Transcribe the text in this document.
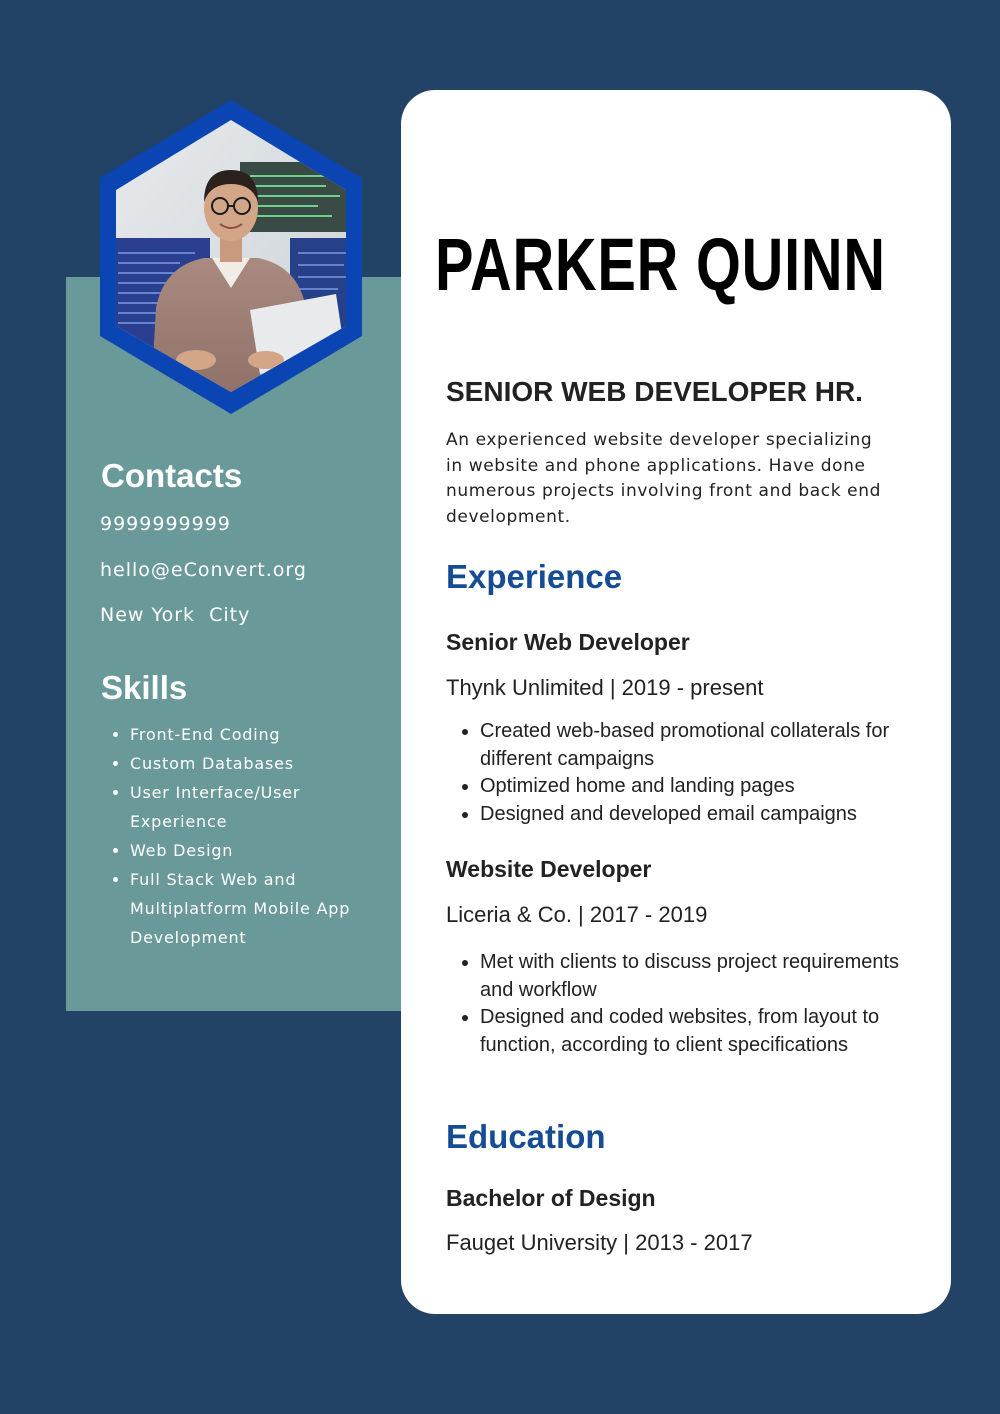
Contacts
9999999999
hello@eConvert.org
New York  City
Skills
• Front-End Coding
• Custom Databases
• User Interface/User Experience
• Web Design
• Full Stack Web and Multiplatform Mobile App Development
PARKER QUINN
SENIOR WEB DEVELOPER HR.

An experienced website developer specializing in website and phone applications. Have done numerous projects involving front and back end development.

Experience
Senior Web Developer
Thynk Unlimited | 2019 - present
• Created web-based promotional collaterals for different campaigns
• Optimized home and landing pages
• Designed and developed email campaigns
Website Developer
Liceria & Co. | 2017 - 2019
• Met with clients to discuss project requirements and workflow
• Designed and coded websites, from layout to function, according to client specifications
Education
Bachelor of Design
Fauget University | 2013 - 2017
